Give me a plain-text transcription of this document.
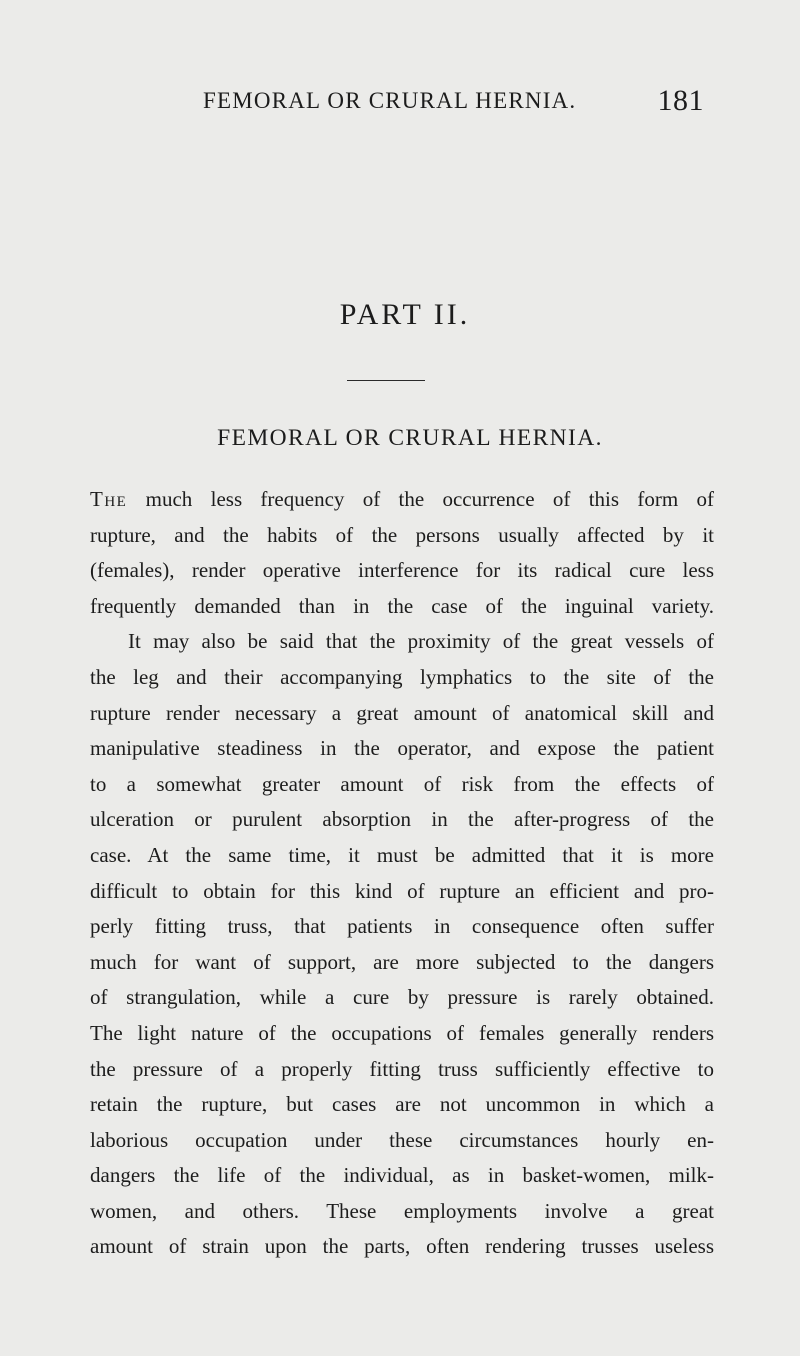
FEMORAL OR CRURAL HERNIA.	181
PART II.
FEMORAL OR CRURAL HERNIA.
The much less frequency of the occurrence of this form of
rupture, and the habits of the persons usually affected by it
(females), render operative interference for its radical cure less
frequently demanded than in the case of the inguinal variety.
It may also be said that the proximity of the great vessels of
the leg and their accompanying lymphatics to the site of the
rupture render necessary a great amount of anatomical skill and
manipulative steadiness in the operator, and expose the patient
to a somewhat greater amount of risk from the effects of
ulceration or purulent absorption in the after-progress of the
case. At the same time, it must be admitted that it is more
difficult to obtain for this kind of rupture an efficient and pro-
perly fitting truss, that patients in consequence often suffer
much for want of support, are more subjected to the dangers
of strangulation, while a cure by pressure is rarely obtained.
The light nature of the occupations of females generally renders
the pressure of a properly fitting truss sufficiently effective to
retain the rupture, but cases are not uncommon in which a
laborious occupation under these circumstances hourly en-
dangers the life of the individual, as in basket-women, milk-
women, and others. These employments involve a great
amount of strain upon the parts, often rendering trusses useless
